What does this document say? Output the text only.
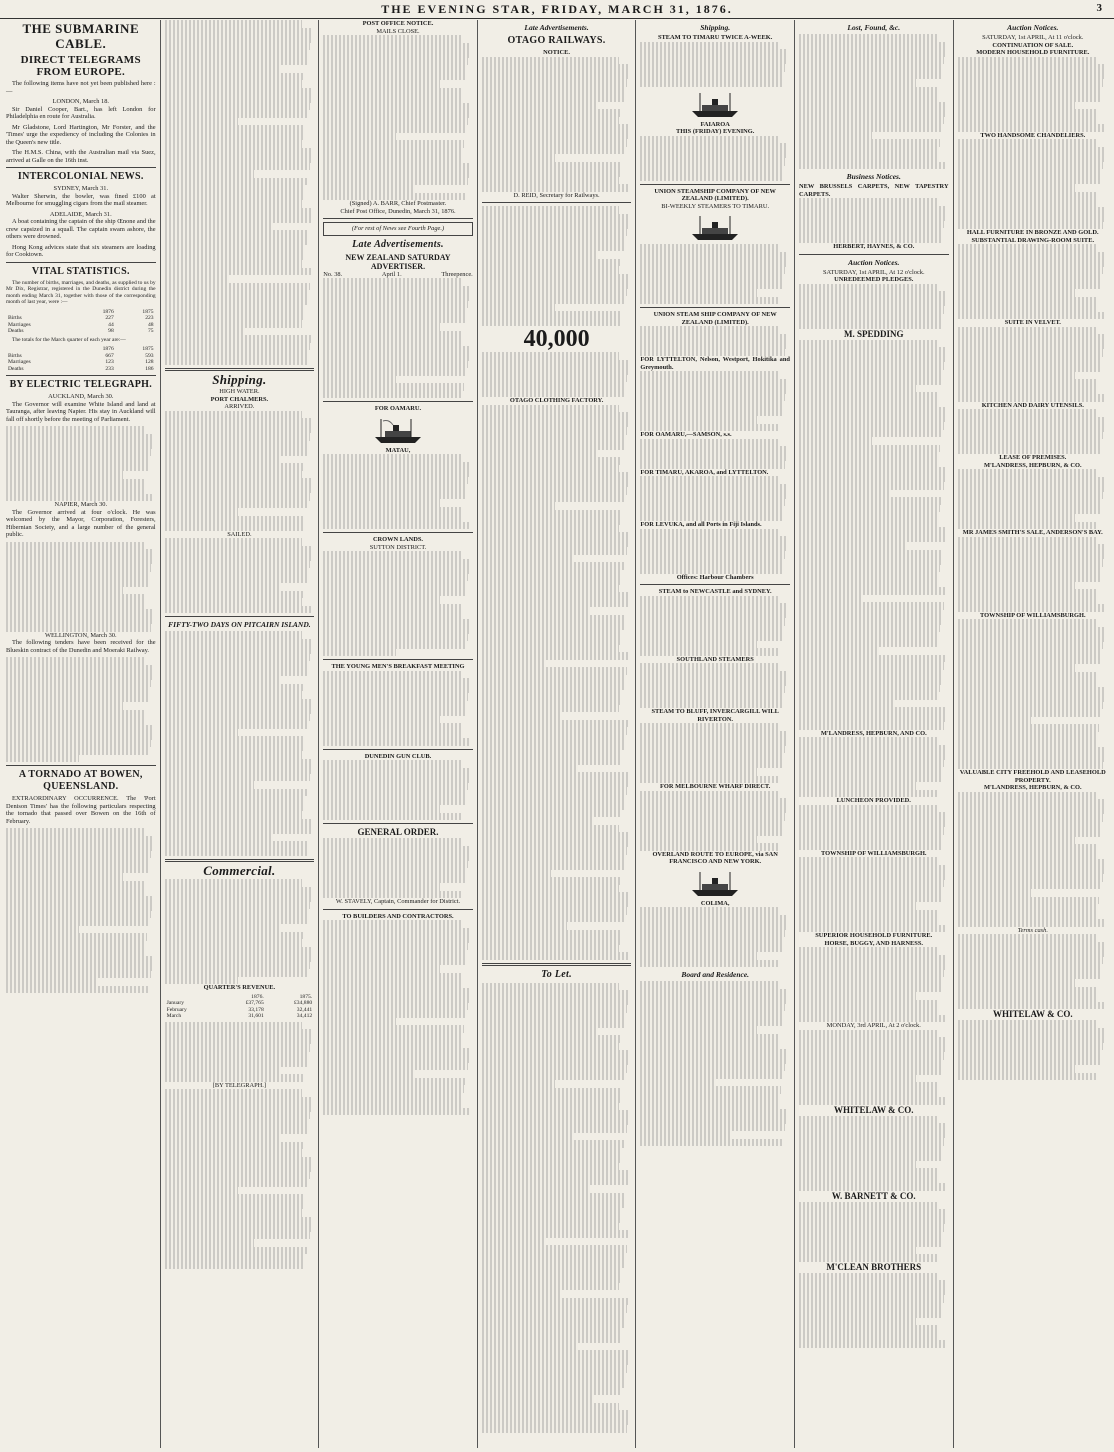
THE EVENING STAR, FRIDAY, MARCH 31, 1876.	3
THE SUBMARINE CABLE.
DIRECT TELEGRAMS FROM EUROPE.

The following items have not yet been published here :—

LONDON, March 18.

Sir Daniel Cooper, Bart., has left London for Philadelphia en route for Australia.

Mr Gladstone, Lord Hartington, Mr Forster, and the 'Times' urge the expediency of including the Colonies in the Queen's new title.

The H.M.S. China, with the Australian mail via Suez, arrived at Galle on the 16th inst.

INTERCOLONIAL NEWS.
SYDNEY, March 31.

Walter Sherwin, the bowler, was fined £100 at Melbourne for smuggling cigars from the mail steamer.

ADELAIDE, March 31.

A boat containing the captain of the ship Œnone and the crew capsized in a squall. The captain swam ashore, the others were drowned.

Hong Kong advices state that six steamers are loading for Cooktown.

VITAL STATISTICS.

The number of births, marriages, and deaths, as supplied to us by Mr Dix, Registrar, registered in the Dunedin district during the month ending March 31, together with those of the corresponding month of last year, were :—

	1876	1875
Births	227	223
Marriages	44	48
Deaths	98	75

The totals for the March quarter of each year are:—

	1876	1875
Births	667	593
Marriages	123	128
Deaths	233	186
BY ELECTRIC TELEGRAPH.
AUCKLAND, March 30.

The Governor will examine White Island and land at Tauranga, after leaving Napier. His stay in Auckland will fall off shortly before the meeting of Parliament.

NAPIER, March 30.

The Governor arrived at four o'clock. He was welcomed by the Mayor, Corporation, Foresters, Hibernian Society, and a large number of the general public.

WELLINGTON, March 30.

The following tenders have been received for the Blueskin contract of the Dunedin and Moeraki Railway.

A TORNADO AT BOWEN, QUEENSLAND.

EXTRAORDINARY OCCURRENCE. The 'Port Denison Times' has the following particulars respecting the tornado that passed over Bowen on the 16th of February.

Shipping.
HIGH WATER.
PORT CHALMERS.
ARRIVED.
SAILED.
FIFTY-TWO DAYS ON PITCAIRN ISLAND.
Commercial.
QUARTER'S REVENUE.
	1876.	1875.
January	£37,765	£34,880
February	33,178	32,441
March	31,601	34,412
[BY TELEGRAPH.]
POST OFFICE NOTICE.
MAILS CLOSE.
(Signed) A. BARR, Chief Postmaster.
Chief Post Office, Dunedin, March 31, 1876.
(For rest of News see Fourth Page.)
Late Advertisements.
NEW ZEALAND SATURDAY ADVERTISER.
No. 38.	April 1.	Threepence.
FOR OAMARU.
MATAU,
CROWN LANDS.
SUTTON DISTRICT.
THE YOUNG MEN'S BREAKFAST MEETING
DUNEDIN GUN CLUB.
GENERAL ORDER.
W. STAVELY, Captain, Commander for District.
TO BUILDERS AND CONTRACTORS.
Late Advertisements.
OTAGO RAILWAYS.
NOTICE.
D. REID, Secretary for Railways.
40,000
OTAGO CLOTHING FACTORY.
To Let.
Shipping.
STEAM TO TIMARU TWICE A-WEEK.
FAIAROA
THIS (FRIDAY) EVENING.
UNION STEAMSHIP COMPANY OF NEW ZEALAND (LIMITED).
BI-WEEKLY STEAMERS TO TIMARU.
UNION STEAM SHIP COMPANY OF NEW ZEALAND (LIMITED).
FOR LYTTELTON, Nelson, Westport, Hokitika and Greymouth.
FOR OAMARU,—SAMSON, s.s.
FOR TIMARU, AKAROA, and LYTTELTON.
FOR LEVUKA, and all Ports in Fiji Islands.
Offices: Harbour Chambers
STEAM to NEWCASTLE and SYDNEY.
SOUTHLAND STEAMERS
STEAM TO BLUFF, INVERCARGILL WILL RIVERTON.
FOR MELBOURNE WHARF DIRECT.
OVERLAND ROUTE TO EUROPE, via SAN FRANCISCO AND NEW YORK.
COLIMA,
Board and Residence.
Lost, Found, &c.
Business Notices.
NEW BRUSSELS CARPETS, NEW TAPESTRY CARPETS.
HERBERT, HAYNES, & CO.
Auction Notices.
SATURDAY, 1st APRIL, At 12 o'clock.
UNREDEEMED PLEDGES.
M. SPEDDING
M'LANDRESS, HEPBURN, AND CO.
LUNCHEON PROVIDED.
TOWNSHIP OF WILLIAMSBURGH.
SUPERIOR HOUSEHOLD FURNITURE.
HORSE, BUGGY, AND HARNESS.
MONDAY, 3rd APRIL, At 2 o'clock.
WHITELAW & CO.
W. BARNETT & CO.
M'CLEAN BROTHERS
Auction Notices.
SATURDAY, 1st APRIL, At 11 o'clock.
CONTINUATION OF SALE.
MODERN HOUSEHOLD FURNITURE.
TWO HANDSOME CHANDELIERS.
HALL FURNITURE IN BRONZE AND GOLD.
SUBSTANTIAL DRAWING-ROOM SUITE.
SUITE IN VELVET.
KITCHEN AND DAIRY UTENSILS.
LEASE OF PREMISES.
M'LANDRESS, HEPBURN, & CO.
MR JAMES SMITH'S SALE, ANDERSON'S BAY.
TOWNSHIP OF WILLIAMSBURGH.
VALUABLE CITY FREEHOLD AND LEASEHOLD PROPERTY.
M'LANDRESS, HEPBURN, & CO.
Terms cash.
WHITELAW & CO.
